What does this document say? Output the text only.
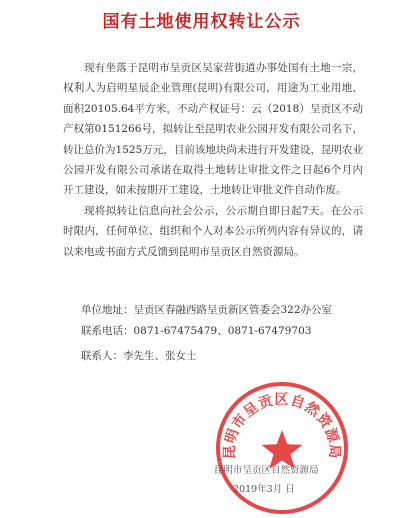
国有土地使用权转让公示

现有坐落于昆明市呈贡区吴家营街道办事处国有土地一宗，权利人为启明星辰企业管理(昆明)有限公司，用途为工业用地，面积20105.64平方米，不动产权证号：云（2018）呈贡区不动产权第0151266号，拟转让至昆明农业公园开发有限公司名下，转让总价为1525万元，目前该地块尚未进行开发建设，昆明农业公园开发有限公司承诺在取得土地转让审批文件之日起6个月内开工建设，如未按期开工建设，土地转让审批文件自动作废。

现将拟转让信息向社会公示，公示期自即日起7天。在公示时限内，任何单位、组织和个人对本公示所列内容有异议的，请以来电或书面方式反馈到昆明市呈贡区自然资源局。

单位地址：呈贡区春融西路呈贡新区管委会322办公室
联系电话：0871-67475479、0871-67479703
联系人：李先生、张女士
昆明市呈贡区自然资源局
昆明市呈贡区自然资源局
2019年3月 日
